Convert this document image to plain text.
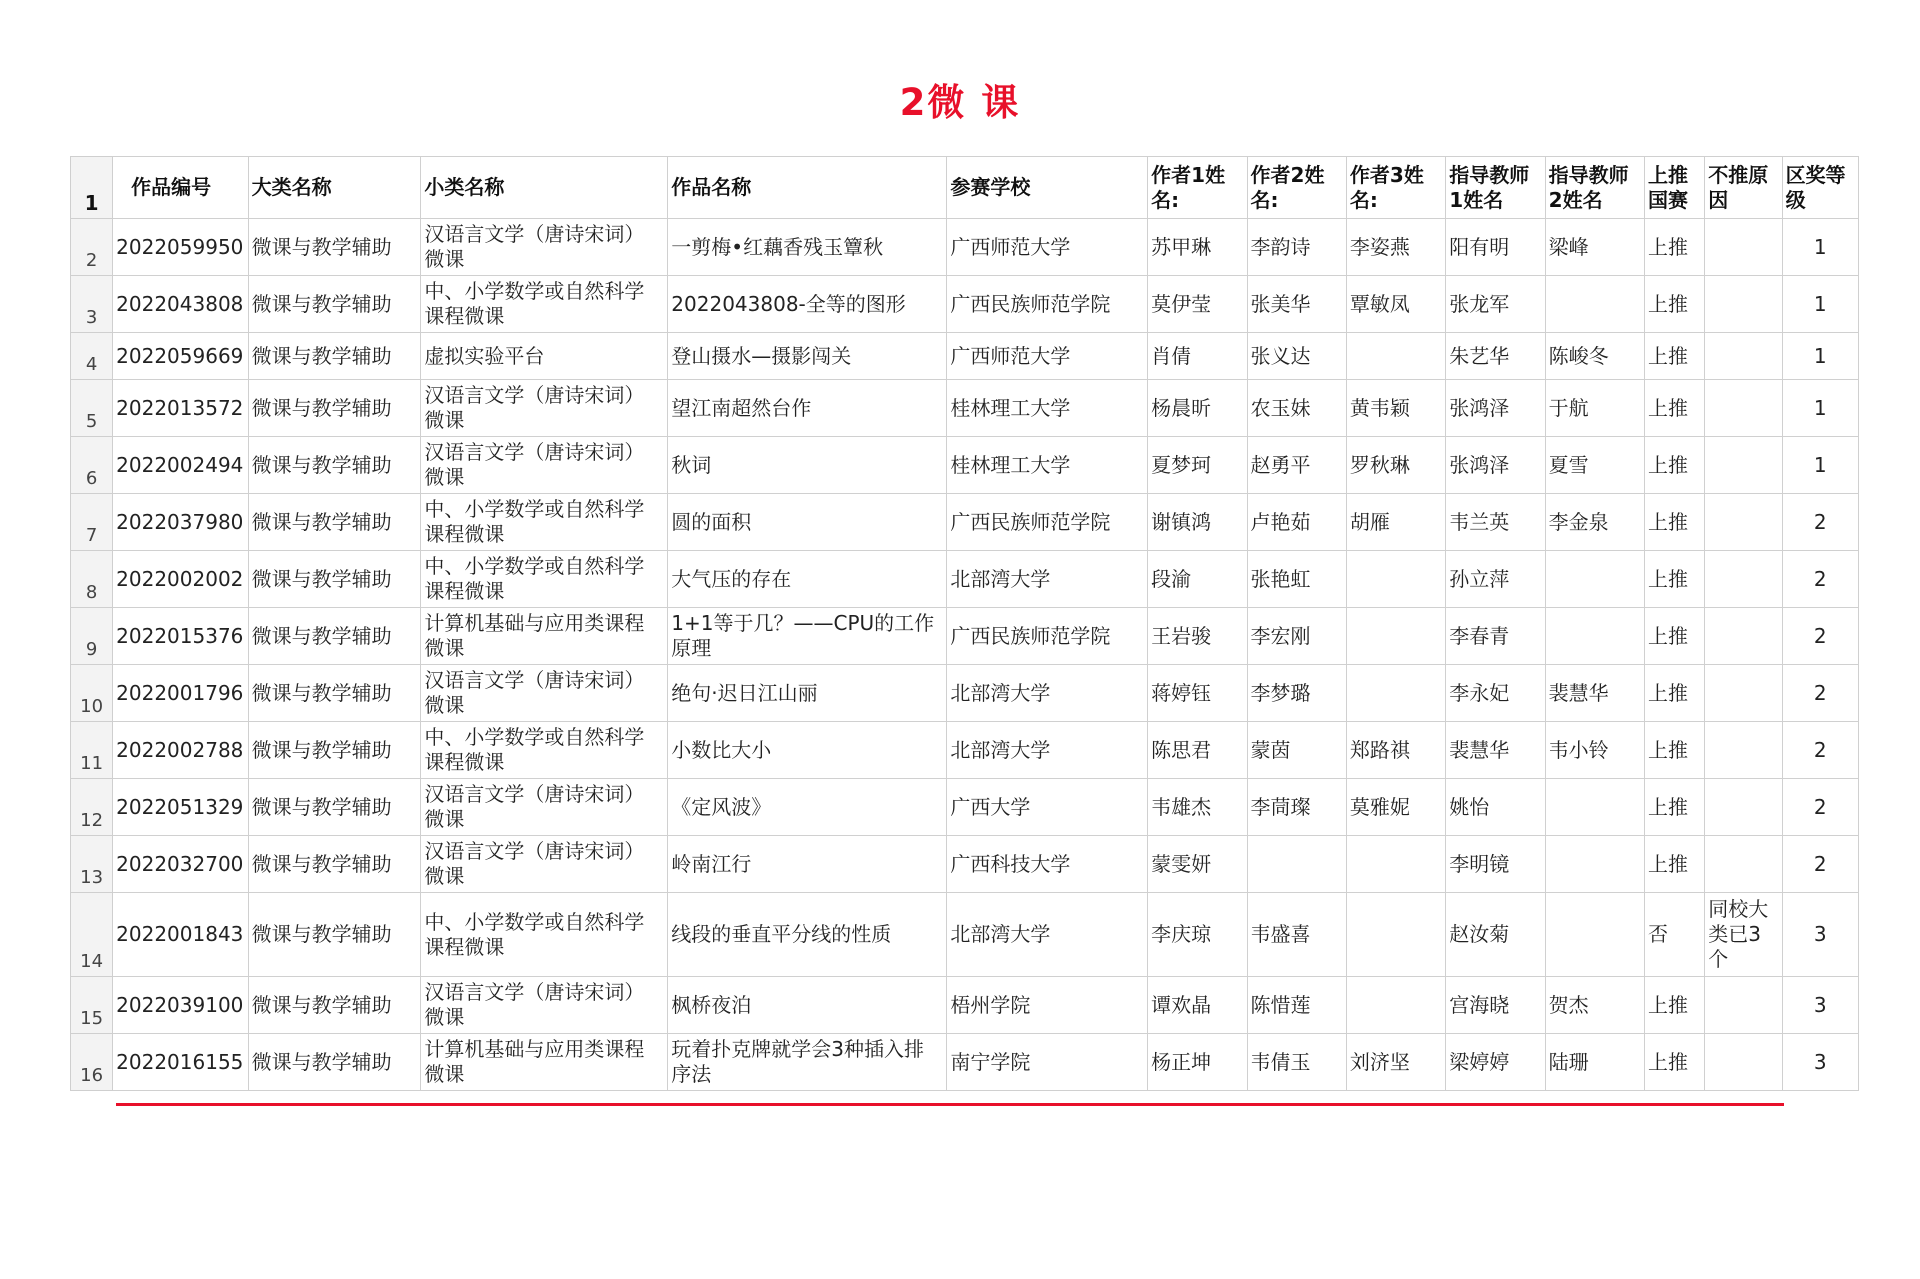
2微 课
1	作品编号	大类名称	小类名称	作品名称	参赛学校	作者1姓名:	作者2姓名:	作者3姓名:	指导教师1姓名	指导教师2姓名	上推国赛	不推原因	区奖等级
2	2022059950	微课与教学辅助	汉语言文学（唐诗宋词）微课	一剪梅•红藕香残玉簟秋	广西师范大学	苏甲琳	李韵诗	李姿燕	阳有明	梁峰	上推		1
3	2022043808	微课与教学辅助	中、小学数学或自然科学课程微课	2022043808-全等的图形	广西民族师范学院	莫伊莹	张美华	覃敏凤	张龙军		上推		1
4	2022059669	微课与教学辅助	虚拟实验平台	登山摄水—摄影闯关	广西师范大学	肖倩	张义达		朱艺华	陈峻冬	上推		1
5	2022013572	微课与教学辅助	汉语言文学（唐诗宋词）微课	望江南超然台作	桂林理工大学	杨晨昕	农玉妹	黄韦颖	张鸿泽	于航	上推		1
6	2022002494	微课与教学辅助	汉语言文学（唐诗宋词）微课	秋词	桂林理工大学	夏梦珂	赵勇平	罗秋琳	张鸿泽	夏雪	上推		1
7	2022037980	微课与教学辅助	中、小学数学或自然科学课程微课	圆的面积	广西民族师范学院	谢镇鸿	卢艳茹	胡雁	韦兰英	李金泉	上推		2
8	2022002002	微课与教学辅助	中、小学数学或自然科学课程微课	大气压的存在	北部湾大学	段渝	张艳虹		孙立萍		上推		2
9	2022015376	微课与教学辅助	计算机基础与应用类课程微课	1+1等于几？——CPU的工作原理	广西民族师范学院	王岩骏	李宏刚		李春青		上推		2
10	2022001796	微课与教学辅助	汉语言文学（唐诗宋词）微课	绝句·迟日江山丽	北部湾大学	蒋婷钰	李梦璐		李永妃	裴慧华	上推		2
11	2022002788	微课与教学辅助	中、小学数学或自然科学课程微课	小数比大小	北部湾大学	陈思君	蒙茵	郑路祺	裴慧华	韦小铃	上推		2
12	2022051329	微课与教学辅助	汉语言文学（唐诗宋词）微课	《定风波》	广西大学	韦雄杰	李茼璨	莫雅妮	姚怡		上推		2
13	2022032700	微课与教学辅助	汉语言文学（唐诗宋词）微课	岭南江行	广西科技大学	蒙雯妍			李明镜		上推		2
14	2022001843	微课与教学辅助	中、小学数学或自然科学课程微课	线段的垂直平分线的性质	北部湾大学	李庆琼	韦盛喜		赵汝菊		否	同校大类已3个	3
15	2022039100	微课与教学辅助	汉语言文学（唐诗宋词）微课	枫桥夜泊	梧州学院	谭欢晶	陈惜莲		宫海晓	贺杰	上推		3
16	2022016155	微课与教学辅助	计算机基础与应用类课程微课	玩着扑克牌就学会3种插入排序法	南宁学院	杨正坤	韦倩玉	刘济坚	梁婷婷	陆珊	上推		3
